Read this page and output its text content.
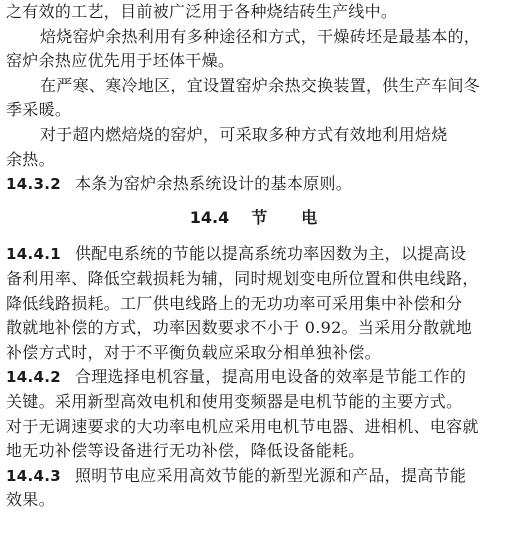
之有效的工艺，目前被广泛用于各种烧结砖生产线中。
焙烧窑炉余热利用有多种途径和方式，干燥砖坯是最基本的，
窑炉余热应优先用于坯体干燥。
在严寒、寒冷地区，宜设置窑炉余热交换装置，供生产车间冬
季采暖。
对于超内燃焙烧的窑炉，可采取多种方式有效地利用焙烧
余热。
14.3.2 本条为窑炉余热系统设计的基本原则。
14.4 节 电
14.4.1 供配电系统的节能以提高系统功率因数为主，以提高设
备利用率、降低空载损耗为辅，同时规划变电所位置和供电线路，
降低线路损耗。工厂供电线路上的无功功率可采用集中补偿和分
散就地补偿的方式，功率因数要求不小于 0.92。当采用分散就地
补偿方式时，对于不平衡负载应采取分相单独补偿。
14.4.2 合理选择电机容量，提高用电设备的效率是节能工作的
关键。采用新型高效电机和使用变频器是电机节能的主要方式。
对于无调速要求的大功率电机应采用电机节电器、进相机、电容就
地无功补偿等设备进行无功补偿，降低设备能耗。
14.4.3 照明节电应采用高效节能的新型光源和产品，提高节能
效果。
